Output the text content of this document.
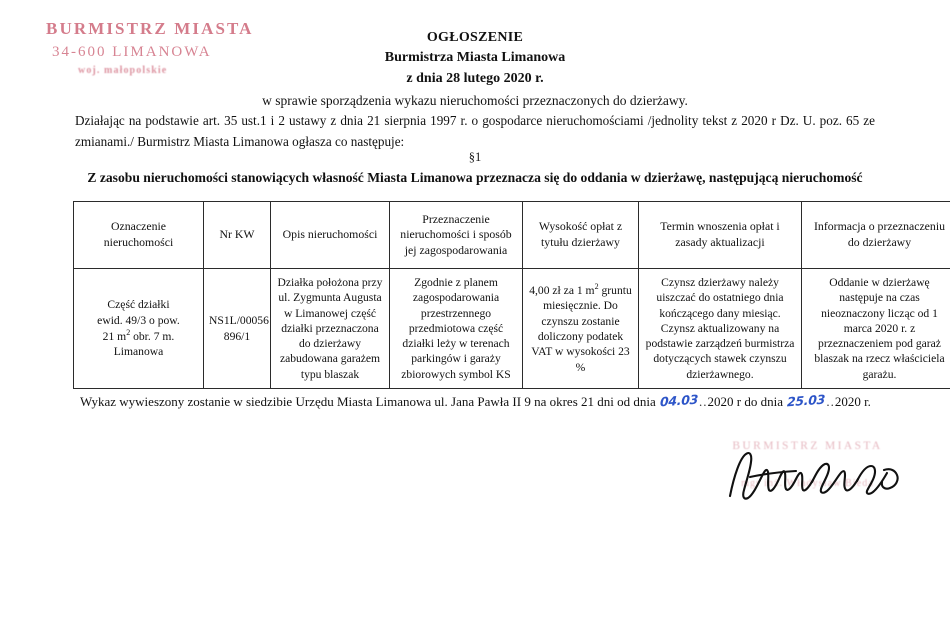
BURMISTRZ MIASTA
34-600 LIMANOWA
woj. małopolskie
OGŁOSZENIE
Burmistrza Miasta Limanowa
z dnia 28 lutego 2020 r.
w sprawie sporządzenia wykazu nieruchomości przeznaczonych do dzierżawy.
Działając na podstawie art. 35 ust.1 i 2 ustawy z dnia 21 sierpnia 1997 r. o gospodarce nieruchomościami /jednolity tekst z 2020 r Dz. U. poz. 65 ze zmianami./ Burmistrz Miasta Limanowa ogłasza co następuje:
§1
Z zasobu nieruchomości stanowiących własność Miasta Limanowa przeznacza się do oddania w dzierżawę, następującą nieruchomość
Oznaczenie nieruchomości	Nr KW	Opis nieruchomości	Przeznaczenie nieruchomości i sposób jej zagospodarowania	Wysokość opłat z tytułu dzierżawy	Termin wnoszenia opłat i zasady aktualizacji	Informacja o przeznaczeniu do dzierżawy
Część działki
ewid. 49/3 o pow.
21 $m^2$ obr. 7 m.
Limanowa	NS1L/00056
896/1	Działka położona przy ul. Zygmunta Augusta w Limanowej część działki przeznaczona do dzierżawy zabudowana garażem typu blaszak	Zgodnie z planem zagospodarowania przestrzennego przedmiotowa część działki leży w terenach parkingów i garaży zbiorowych symbol KS	4,00 zł za 1 $m^2$ gruntu miesięcznie. Do czynszu zostanie doliczony podatek VAT w wysokości 23 %	Czynsz dzierżawy należy uiszczać do ostatniego dnia kończącego dany miesiąc. Czynsz aktualizowany na podstawie zarządzeń burmistrza dotyczących stawek czynszu dzierżawnego.	Oddanie w dzierżawę następuje na czas nieoznaczony licząc od 1 marca 2020 r. z przeznaczeniem pod garaż blaszak na rzecz właściciela garażu.
Wykaz wywieszony zostanie w siedzibie Urzędu Miasta Limanowa ul. Jana Pawła II 9 na okres 21 dni od dnia 04.03..2020 r do dnia 25.03..2020 r.
BURMISTRZ MIASTA
mgr inż. Władysław Bieda
